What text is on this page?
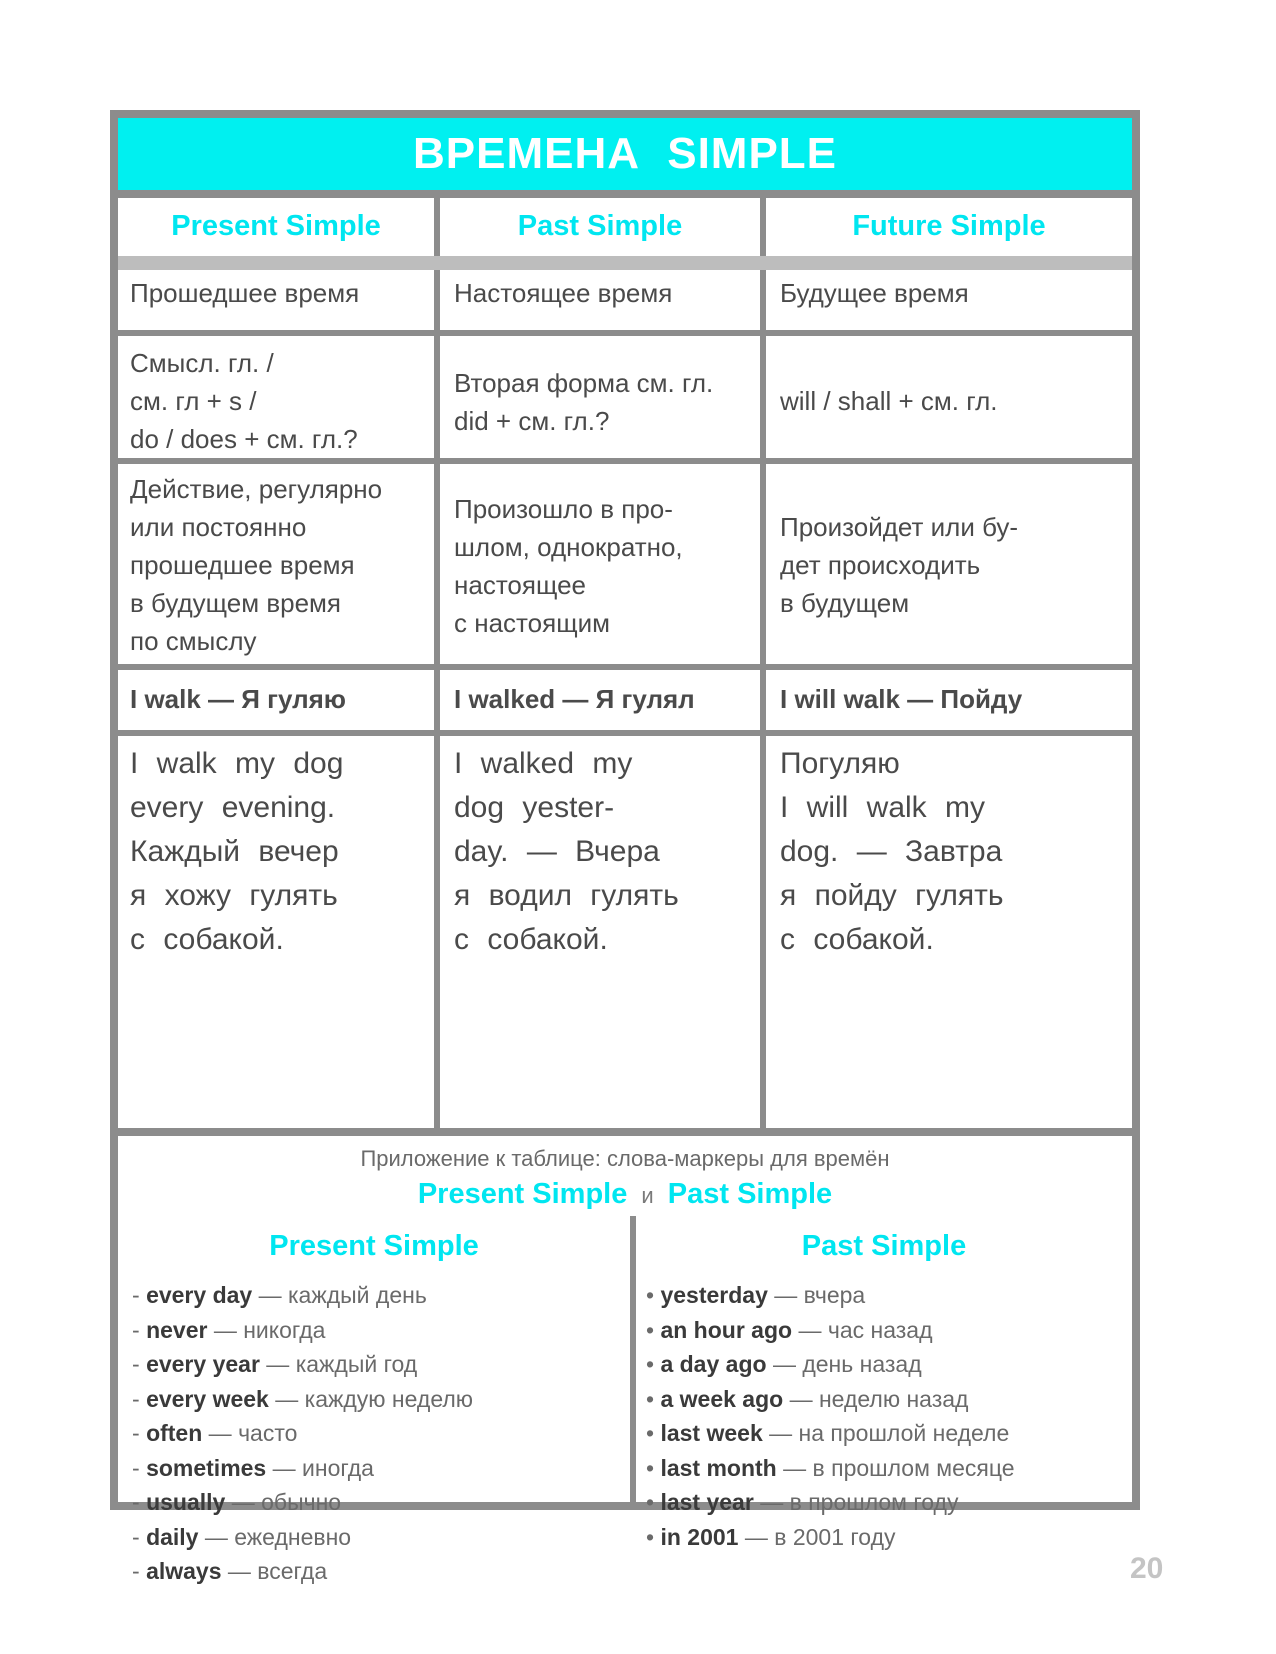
ВРЕМЕНА SIMPLE
Present Simple
Прошедшее время
Смысл. гл. /
см. гл + s /
do / does + см. гл.?
Действие, регулярно
или постоянно
прошедшее время
в будущем время
по смыслу
I walk — Я гуляю
I walk my dog
every evening.
Каждый вечер
я хожу гулять
с собакой.
Past Simple
Настоящее время
Вторая форма см. гл.
did + см. гл.?
Произошло в про-
шлом, однократно,
настоящее
с настоящим
I walked — Я гулял
I walked my
dog yester-
day. — Вчера
я водил гулять
с собакой.
Future Simple
Будущее время
will / shall + см. гл.
Произойдет или бу-
дет происходить
в будущем
I will walk — Пойду
Погуляю
I will walk my
dog. — Завтра
я пойду гулять
с собакой.
Приложение к таблице: слова-маркеры для времён
Present Simple и Past Simple
Present Simple	Past Simple
- every day — каждый день
- never — никогда
- every year — каждый год
- every week — каждую неделю
- often — часто
- sometimes — иногда
- usually — обычно
- daily — ежедневно
- always — всегда
• yesterday — вчера
• an hour ago — час назад
• a day ago — день назад
• a week ago — неделю назад
• last week — на прошлой неделе
• last month — в прошлом месяце
• last year — в прошлом году
• in 2001 — в 2001 году
20
